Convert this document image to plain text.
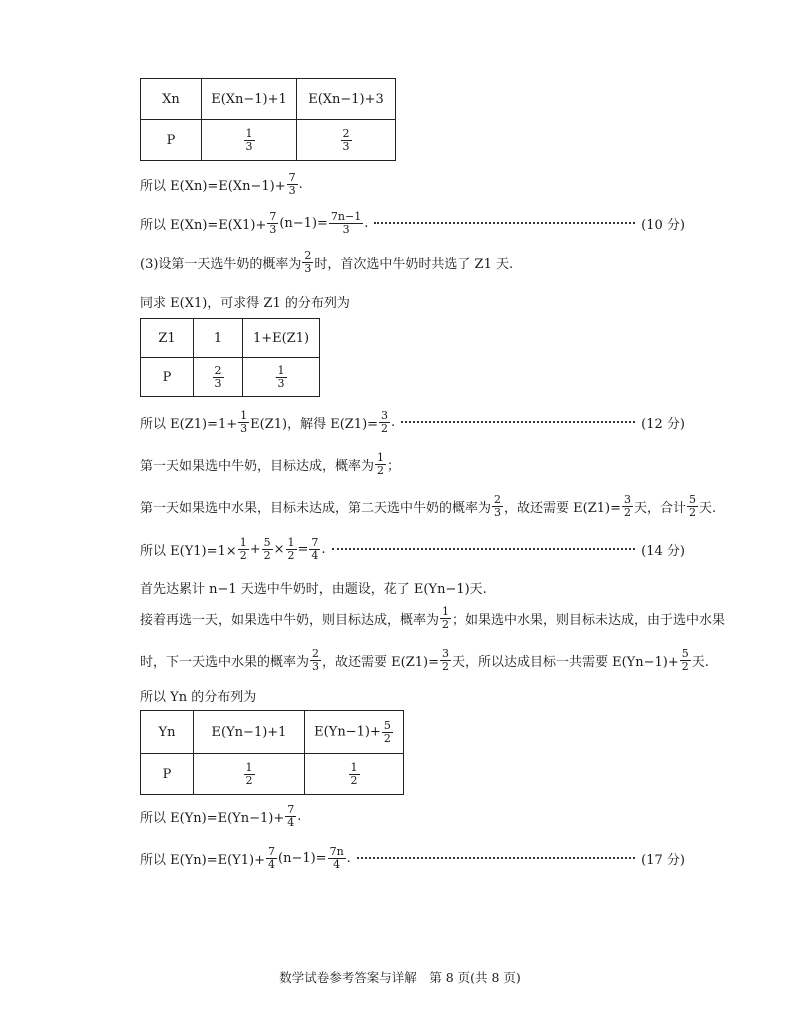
Xn	E(Xn−1)+1	E(Xn−1)+3
P	$\frac{1}{3}$	$\frac{2}{3}$
所以 $E(Xn)=E(Xn-1)+ \frac{7}{3}$ .
所以 $E(Xn)=E(X1)+ \frac{7}{3} (n-1)= \frac{7n-1}{3}$ .	(10 分)
(3)设第一天选牛奶的概率为 $\frac{2}{3}$ 时，首次选中牛奶时共选了 Z1 天.
同求 E(X1)，可求得 Z1 的分布列为
Z1	1	1+E(Z1)
P	$\frac{2}{3}$	$\frac{1}{3}$
所以 $E(Z1)=1+ \frac{1}{3} E(Z1)$，解得 $E(Z1)= \frac{3}{2}$ .	(12 分)
第一天如果选中牛奶，目标达成，概率为 $\frac{1}{2}$ ；
第一天如果选中水果，目标未达成，第二天选中牛奶的概率为 $\frac{2}{3}$ ，故还需要 $E(Z1)= \frac{3}{2}$ 天，合计 $\frac{5}{2}$ 天.
所以 $E(Y1)=1\times \frac{1}{2} + \frac{5}{2} \times \frac{1}{2} = \frac{7}{4}$ .	(14 分)
首先达累计 n−1 天选中牛奶时，由题设，花了 E(Yn−1)天.
接着再选一天，如果选中牛奶，则目标达成，概率为 $\frac{1}{2}$ ；如果选中水果，则目标未达成，由于选中水果
时，下一天选中水果的概率为 $\frac{2}{3}$ ，故还需要 $E(Z1)= \frac{3}{2}$ 天，所以达成目标一共需要 $E(Yn-1)+ \frac{5}{2}$ 天.
所以 Yn 的分布列为
Yn	E(Yn−1)+1	$E(Yn-1)+ \frac{5}{2}$

P	$\frac{1}{2}$	$\frac{1}{2}$
所以 $E(Yn)=E(Yn-1)+ \frac{7}{4}$ .
所以 $E(Yn)=E(Y1)+ \frac{7}{4} (n-1)= \frac{7n}{4}$ .	(17 分)
数学试卷参考答案与详解　第 8 页(共 8 页)
